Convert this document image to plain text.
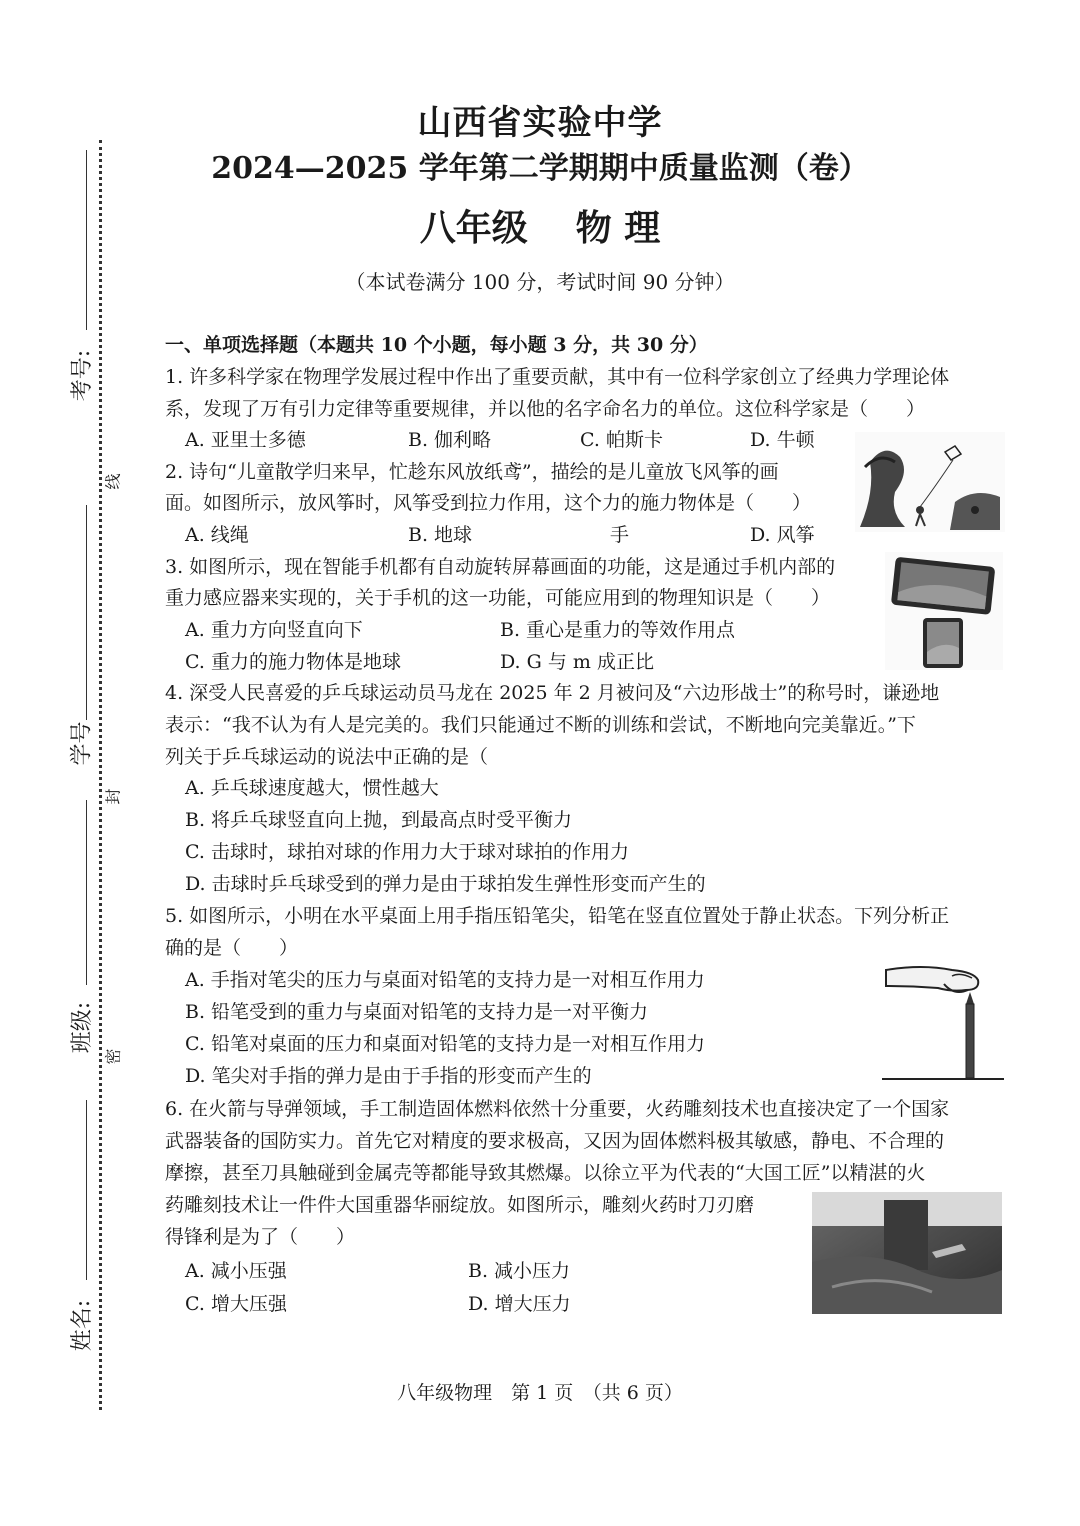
考号:
学号
班级:
姓名:
线
封
密
山西省实验中学
2024—2025 学年第二学期期中质量监测（卷）
八年级 物 理
（本试卷满分 100 分，考试时间 90 分钟）
一、单项选择题（本题共 10 个小题，每小题 3 分，共 30 分）
1. 许多科学家在物理学发展过程中作出了重要贡献，其中有一位科学家创立了经典力学理论体
系，发现了万有引力定律等重要规律，并以他的名字命名力的单位。这位科学家是（　　）
A. 亚里士多德	B. 伽利略	C. 帕斯卡	D. 牛顿
2. 诗句“儿童散学归来早，忙趁东风放纸鸢”，描绘的是儿童放飞风筝的画
面。如图所示，放风筝时，风筝受到拉力作用，这个力的施力物体是（　　）
A. 线绳	B. 地球	手	D. 风筝
3. 如图所示，现在智能手机都有自动旋转屏幕画面的功能，这是通过手机内部的
重力感应器来实现的，关于手机的这一功能，可能应用到的物理知识是（　　）
A. 重力方向竖直向下	B. 重心是重力的等效作用点
C. 重力的施力物体是地球	D. G 与 m 成正比
4. 深受人民喜爱的乒乓球运动员马龙在 2025 年 2 月被问及“六边形战士”的称号时，谦逊地
表示：“我不认为有人是完美的。我们只能通过不断的训练和尝试，不断地向完美靠近。”下
列关于乒乓球运动的说法中正确的是（
A. 乒乓球速度越大，惯性越大
B. 将乒乓球竖直向上抛，到最高点时受平衡力
C. 击球时，球拍对球的作用力大于球对球拍的作用力
D. 击球时乒乓球受到的弹力是由于球拍发生弹性形变而产生的
5. 如图所示，小明在水平桌面上用手指压铅笔尖，铅笔在竖直位置处于静止状态。下列分析正
确的是（　　）
A. 手指对笔尖的压力与桌面对铅笔的支持力是一对相互作用力
B. 铅笔受到的重力与桌面对铅笔的支持力是一对平衡力
C. 铅笔对桌面的压力和桌面对铅笔的支持力是一对相互作用力
D. 笔尖对手指的弹力是由于手指的形变而产生的
6. 在火箭与导弹领域，手工制造固体燃料依然十分重要，火药雕刻技术也直接决定了一个国家
武器装备的国防实力。首先它对精度的要求极高，又因为固体燃料极其敏感，静电、不合理的
摩擦，甚至刀具触碰到金属壳等都能导致其燃爆。以徐立平为代表的“大国工匠”以精湛的火
药雕刻技术让一件件大国重器华丽绽放。如图所示，雕刻火药时刀刃磨
得锋利是为了（　　）
A. 减小压强	B. 减小压力
C. 增大压强	D. 增大压力
八年级物理　第 1 页　（共 6 页）
